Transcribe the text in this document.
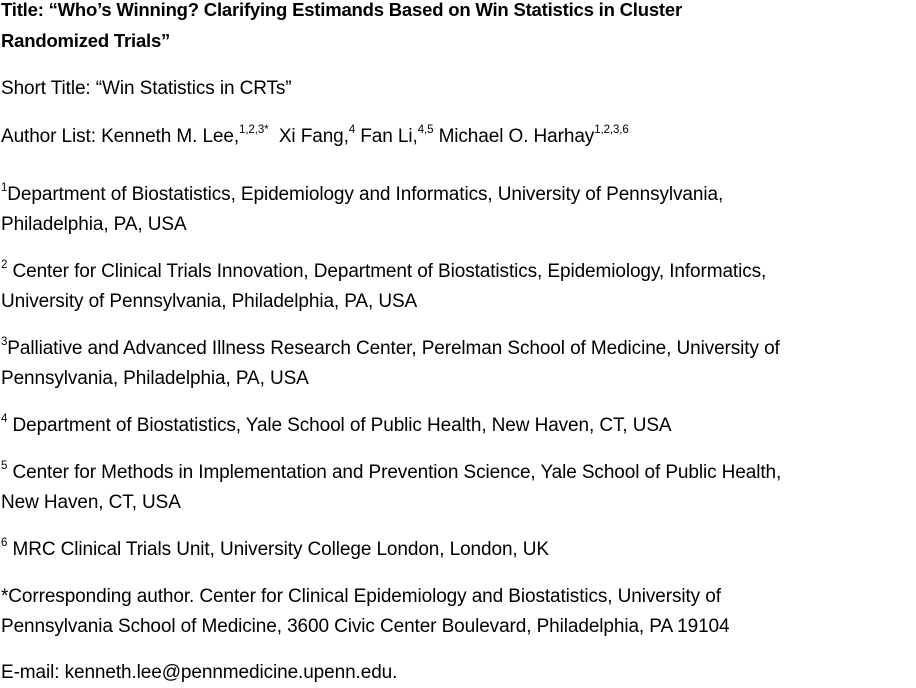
Title: “Who’s Winning? Clarifying Estimands Based on Win Statistics in Cluster
Randomized Trials”
Short Title: “Win Statistics in CRTs”
Author List: Kenneth M. Lee,$^{1,2,3*}$ Xi Fang,$^4$ Fan Li,$^{4,5}$ Michael O. Harhay$^{1,2,3,6}$
$^1$Department of Biostatistics, Epidemiology and Informatics, University of Pennsylvania,
Philadelphia, PA, USA
$^2$ Center for Clinical Trials Innovation, Department of Biostatistics, Epidemiology, Informatics,
University of Pennsylvania, Philadelphia, PA, USA
$^3$Palliative and Advanced Illness Research Center, Perelman School of Medicine, University of
Pennsylvania, Philadelphia, PA, USA
$^4$ Department of Biostatistics, Yale School of Public Health, New Haven, CT, USA
$^5$ Center for Methods in Implementation and Prevention Science, Yale School of Public Health,
New Haven, CT, USA
$^6$ MRC Clinical Trials Unit, University College London, London, UK
*Corresponding author. Center for Clinical Epidemiology and Biostatistics, University of
Pennsylvania School of Medicine, 3600 Civic Center Boulevard, Philadelphia, PA 19104
E-mail: kenneth.lee@pennmedicine.upenn.edu.
